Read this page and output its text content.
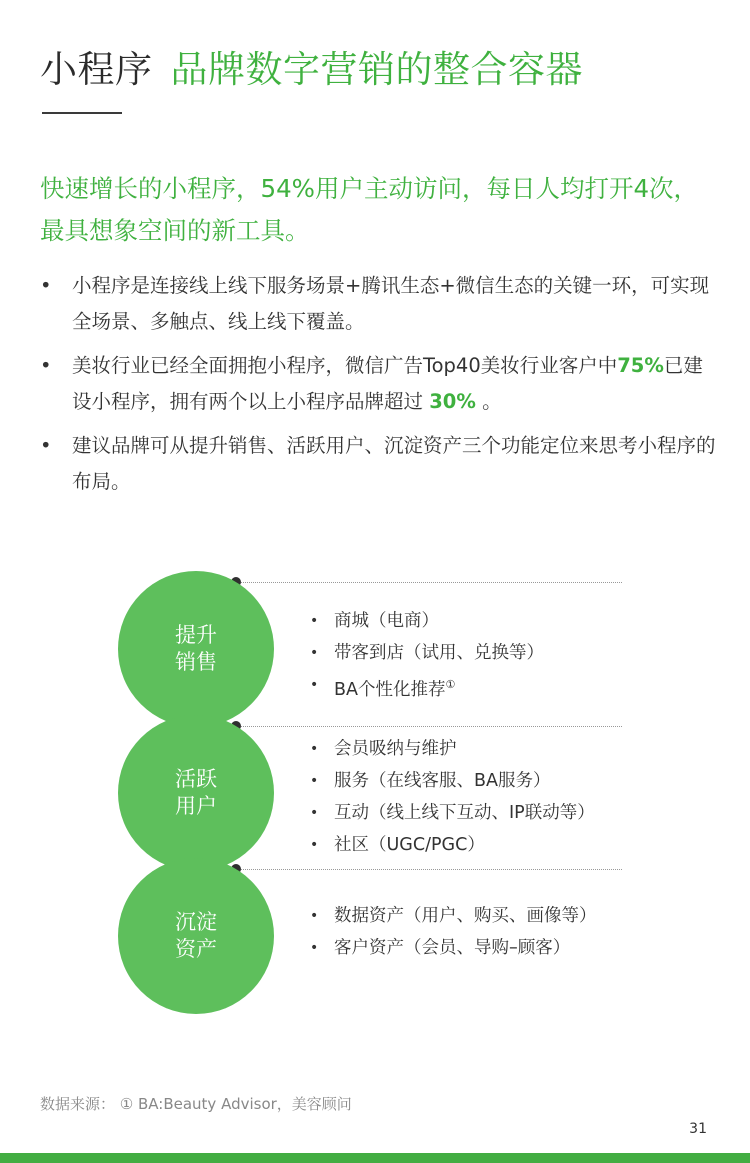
小程序 品牌数字营销的整合容器
快速增长的小程序，54%用户主动访问，每日人均打开4次，最具想象空间的新工具。
• 小程序是连接线上线下服务场景+腾讯生态+微信生态的关键一环，可实现全场景、多触点、线上线下覆盖。
• 美妆行业已经全面拥抱小程序，微信广告Top40美妆行业客户中75%已建设小程序，拥有两个以上小程序品牌超过 30% 。
• 建议品牌可从提升销售、活跃用户、沉淀资产三个功能定位来思考小程序的布局。
提升
销售
活跃
用户
沉淀
资产
• 商城（电商）
• 带客到店（试用、兑换等）
• BA个性化推荐①
• 会员吸纳与维护
• 服务（在线客服、BA服务）
• 互动（线上线下互动、IP联动等）
• 社区（UGC/PGC）
• 数据资产（用户、购买、画像等）
• 客户资产（会员、导购–顾客）
数据来源： ① BA:Beauty Advisor，美容顾问
31
